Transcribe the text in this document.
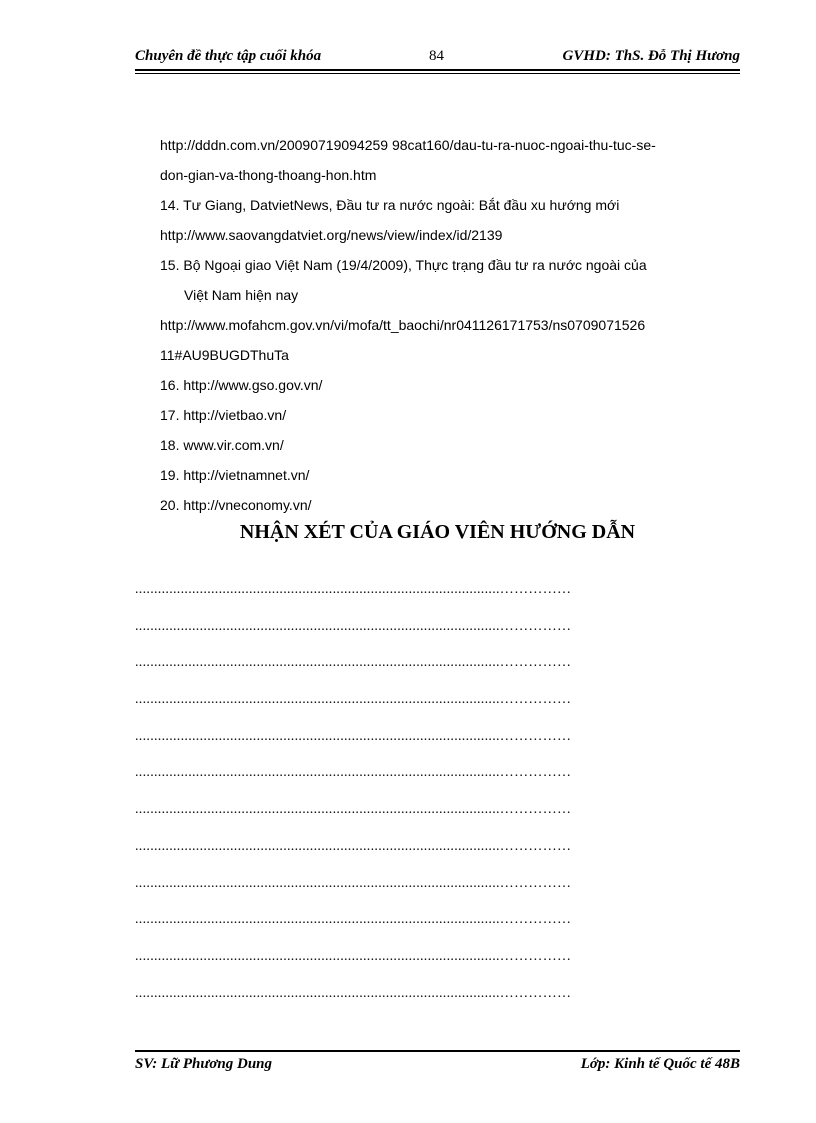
Chuyên đề thực tập cuối khóa	84	GVHD: ThS. Đỗ Thị Hương
http://dddn.com.vn/20090719094259 98cat160/dau-tu-ra-nuoc-ngoai-thu-tuc-se-
don-gian-va-thong-thoang-hon.htm
14. Tư Giang, DatvietNews, Đầu tư ra nước ngoài: Bắt đầu xu hướng mới
http://www.saovangdatviet.org/news/view/index/id/2139
15. Bộ Ngoại giao Việt Nam (19/4/2009), Thực trạng đầu tư ra nước ngoài của
Việt Nam hiện nay
http://www.mofahcm.gov.vn/vi/mofa/tt_baochi/nr041126171753/ns0709071526
11#AU9BUGDThuTa
16. http://www.gso.gov.vn/
17. http://vietbao.vn/
18. www.vir.com.vn/
19. http://vietnamnet.vn/
20. http://vneconomy.vn/
NHẬN XÉT CỦA GIÁO VIÊN HƯỚNG DẪN
................................................................................................……………
................................................................................................……………
................................................................................................……………
................................................................................................……………
................................................................................................……………
................................................................................................……………
................................................................................................……………
................................................................................................……………
................................................................................................……………
................................................................................................……………
................................................................................................……………
................................................................................................……………
SV: Lữ Phương Dung	Lớp: Kinh tế Quốc tế 48B
